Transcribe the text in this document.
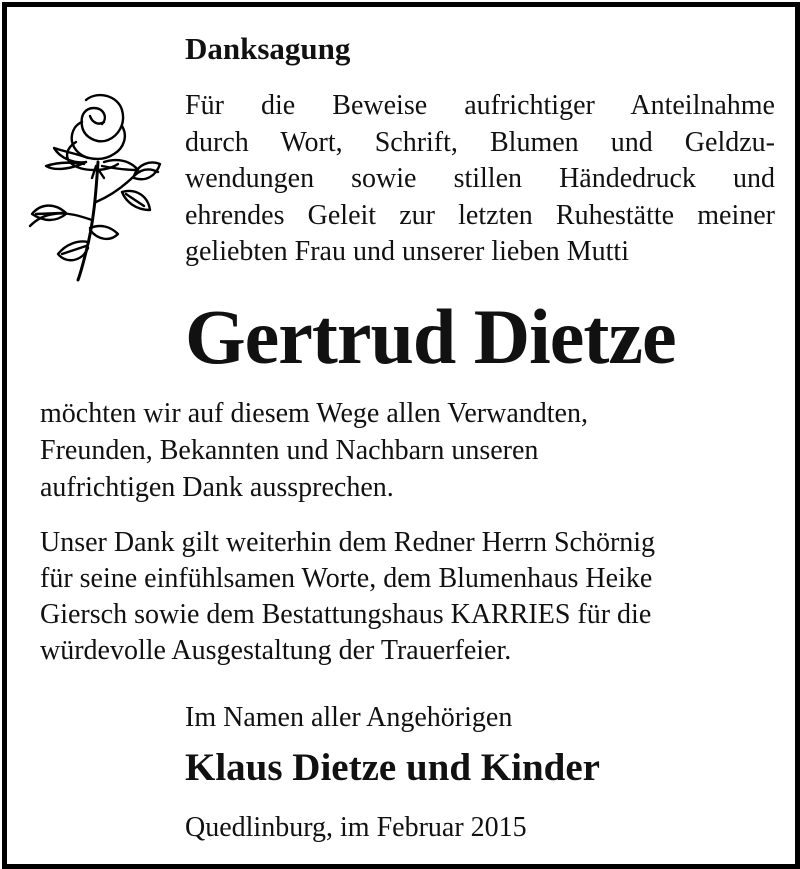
Danksagung
Für die Beweise aufrichtiger Anteilnahme
durch Wort, Schrift, Blumen und Geldzu-
wendungen sowie stillen Händedruck und
ehrendes Geleit zur letzten Ruhestätte meiner
geliebten Frau und unserer lieben Mutti
Gertrud Dietze
möchten wir auf diesem Wege allen Verwandten,
Freunden, Bekannten und Nachbarn unseren
aufrichtigen Dank aussprechen.
Unser Dank gilt weiterhin dem Redner Herrn Schörnig
für seine einfühlsamen Worte, dem Blumenhaus Heike
Giersch sowie dem Bestattungshaus KARRIES für die
würdevolle Ausgestaltung der Trauerfeier.
Im Namen aller Angehörigen
Klaus Dietze und Kinder
Quedlinburg, im Februar 2015
